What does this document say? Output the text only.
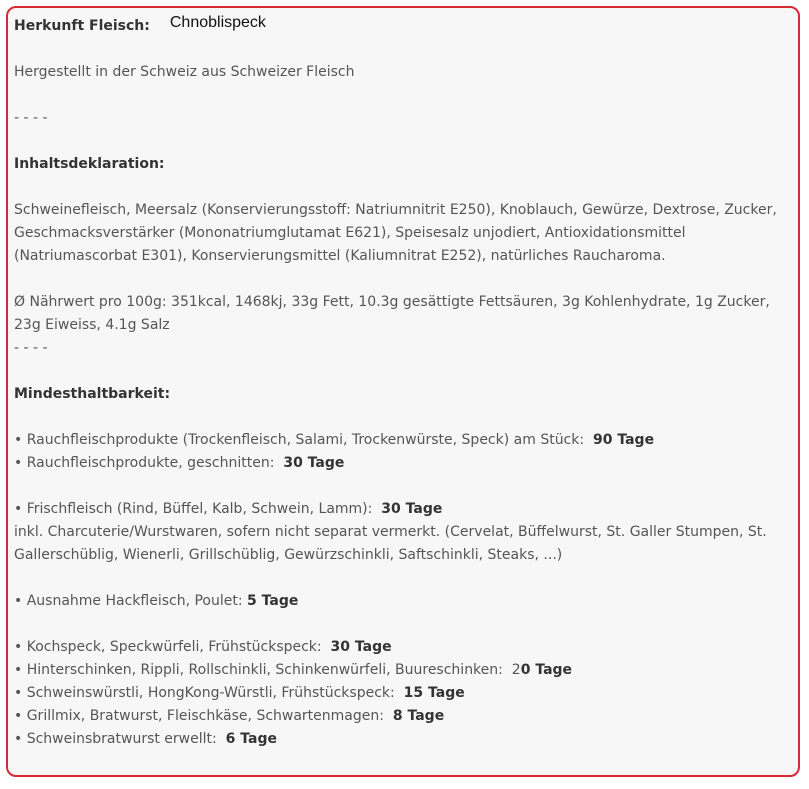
Herkunft Fleisch: Chnoblispeck
Hergestellt in der Schweiz aus Schweizer Fleisch
- - - -
Inhaltsdeklaration:
Schweinefleisch, Meersalz (Konservierungsstoff: Natriumnitrit E250), Knoblauch, Gewürze, Dextrose, Zucker, Geschmacksverstärker (Mononatriumglutamat E621), Speisesalz unjodiert, Antioxidationsmittel (Natriumascorbat E301), Konservierungsmittel (Kaliumnitrat E252), natürliches Raucharoma.
Ø Nährwert pro 100g: 351kcal, 1468kj, 33g Fett, 10.3g gesättigte Fettsäuren, 3g Kohlenhydrate, 1g Zucker, 23g Eiweiss, 4.1g Salz
- - - -
Mindesthaltbarkeit:
• Rauchfleischprodukte (Trockenfleisch, Salami, Trockenwürste, Speck) am Stück: 90 Tage
• Rauchfleischprodukte, geschnitten: 30 Tage
• Frischfleisch (Rind, Büffel, Kalb, Schwein, Lamm): 30 Tage
inkl. Charcuterie/Wurstwaren, sofern nicht separat vermerkt. (Cervelat, Büffelwurst, St. Galler Stumpen, St. Gallerschüblig, Wienerli, Grillschüblig, Gewürzschinkli, Saftschinkli, Steaks, ...)
• Ausnahme Hackfleisch, Poulet: 5 Tage
• Kochspeck, Speckwürfeli, Frühstückspeck: 30 Tage
• Hinterschinken, Rippli, Rollschinkli, Schinkenwürfeli, Buureschinken: 20 Tage
• Schweinswürstli, HongKong-Würstli, Frühstückspeck: 15 Tage
• Grillmix, Bratwurst, Fleischkäse, Schwartenmagen: 8 Tage
• Schweinsbratwurst erwellt: 6 Tage
